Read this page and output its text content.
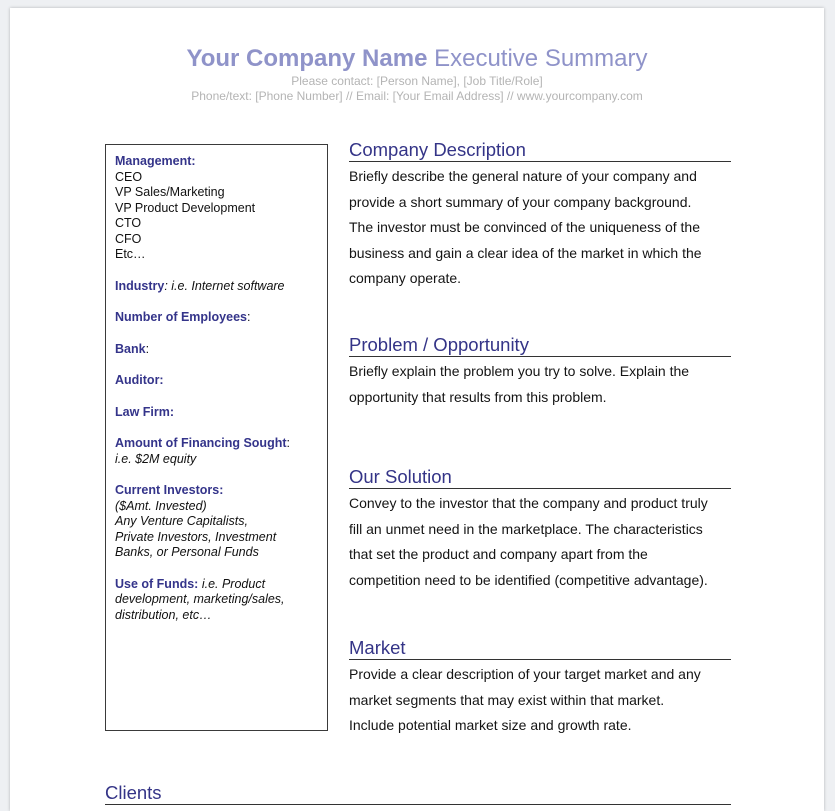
Your Company Name Executive Summary
Please contact: [Person Name], [Job Title/Role]
Phone/text: [Phone Number] // Email: [Your Email Address] // www.yourcompany.com
Management:
CEO
VP Sales/Marketing
VP Product Development
CTO
CFO
Etc…
Industry: i.e. Internet software
Number of Employees:
Bank:
Auditor:
Law Firm:
Amount of Financing Sought:
i.e. $2M equity
Current Investors:
($Amt. Invested)
Any Venture Capitalists,
Private Investors, Investment
Banks, or Personal Funds
Use of Funds: i.e. Product
development, marketing/sales,
distribution, etc…
Company Description
Briefly describe the general nature of your company and
provide a short summary of your company background.
The investor must be convinced of the uniqueness of the
business and gain a clear idea of the market in which the
company operate.
Problem / Opportunity
Briefly explain the problem you try to solve. Explain the
opportunity that results from this problem.
Our Solution
Convey to the investor that the company and product truly
fill an unmet need in the marketplace. The characteristics
that set the product and company apart from the
competition need to be identified (competitive advantage).
Market
Provide a clear description of your target market and any
market segments that may exist within that market.
Include potential market size and growth rate.
Clients
